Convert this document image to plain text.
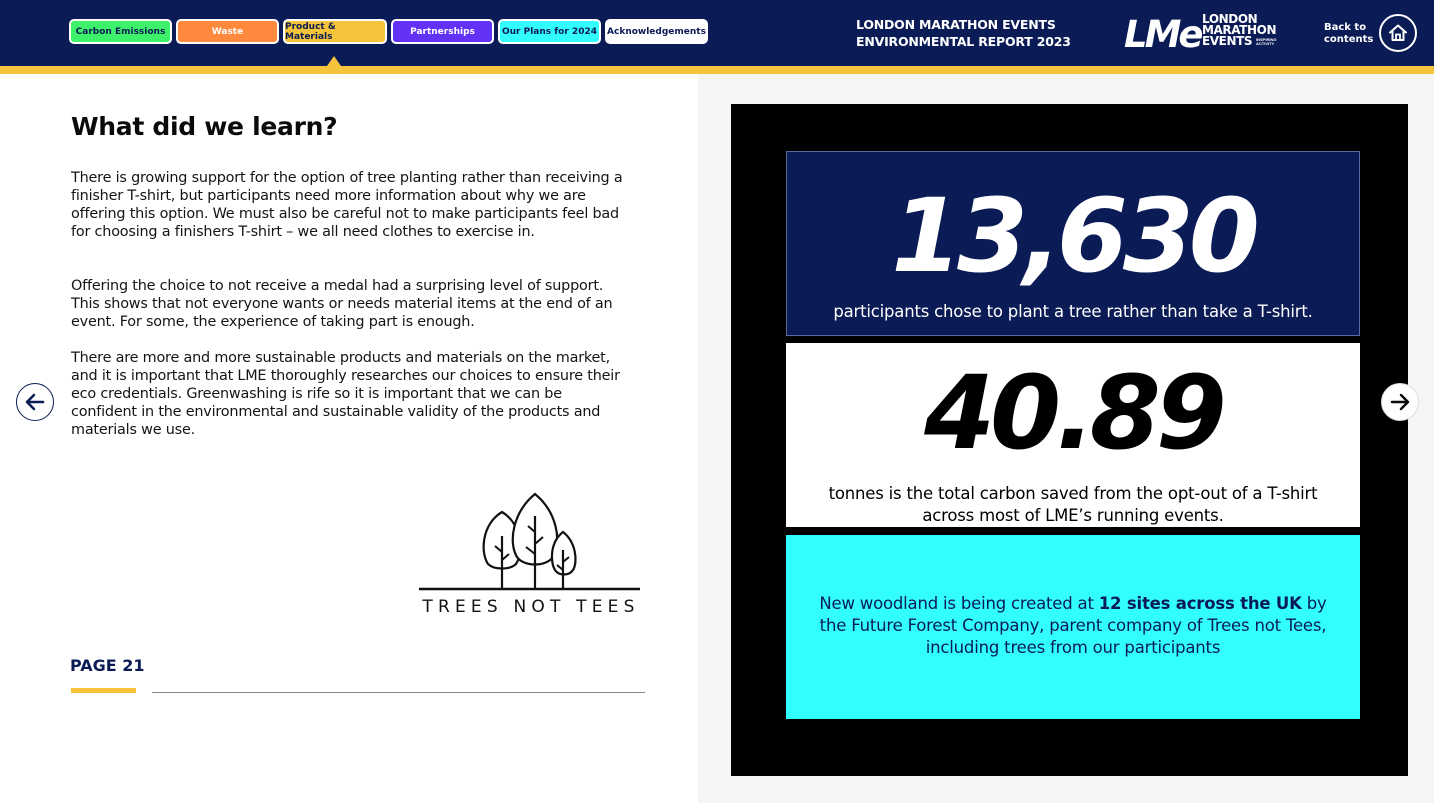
Carbon Emissions	Waste	Product & Materials	Partnerships	Our Plans for 2024	Acknowledgements	LONDON MARATHON EVENTS
ENVIRONMENTAL REPORT 2023 LMe LONDON
MARATHON
EVENTS INSPIRING
ACTIVITY
Back to
contents
What did we learn?

There is growing support for the option of tree planting rather than receiving a finisher T-shirt, but participants need more information about why we are offering this option. We must also be careful not to make participants feel bad for choosing a finishers T-shirt – we all need clothes to exercise in.

Offering the choice to not receive a medal had a surprising level of support. This shows that not everyone wants or needs material items at the end of an event. For some, the experience of taking part is enough.

There are more and more sustainable products and materials on the market, and it is important that LME thoroughly researches our choices to ensure their eco credentials. Greenwashing is rife so it is important that we can be confident in the environmental and sustainable validity of the products and materials we use.

TREES NOT TEES
PAGE 21
13,630
participants chose to plant a tree rather than take a T-shirt.
40.89
tonnes is the total carbon saved from the opt-out of a T-shirt across most of LME’s running events.
New woodland is being created at 12 sites across the UK by the Future Forest Company, parent company of Trees not Tees, including trees from our participants
